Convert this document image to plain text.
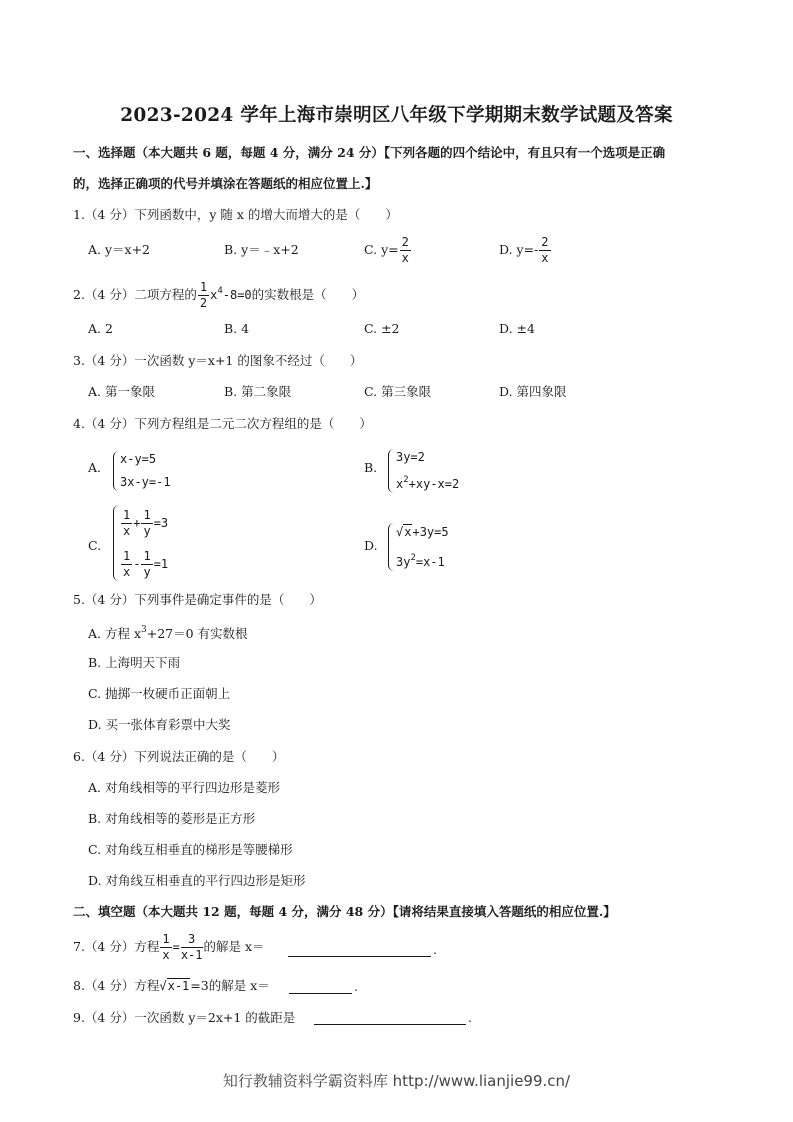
2023-2024 学年上海市崇明区八年级下学期期末数学试题及答案
一、选择题（本大题共 6 题，每题 4 分，满分 24 分）【下列各题的四个结论中，有且只有一个选项是正确
的，选择正确项的代号并填涂在答题纸的相应位置上.】
1.（4 分）下列函数中，y 随 x 的增大而增大的是（　　）
A. y＝x+2	B. y＝﹣x+2	C. $y= \frac{2}{x}$	D. $y=- \frac{2}{x}$
2.（4 分）二项方程的 $\frac{1}{2} x^4-8=0$的实数根是（　　）
A. 2	B. 4	C. ±2	D. ±4
3.（4 分）一次函数 y＝x+1 的图象不经过（　　）
A. 第一象限	B. 第二象限	C. 第三象限	D. 第四象限
4.（4 分）下列方程组是二元二次方程组的是（　　）
A.
x-y=5
3x-y=-1
B.
3y=2
$x^2+xy-x=2$
C.
$\frac{1}{x} + \frac{1}{y} =3$
$\frac{1}{x} - \frac{1}{y} =1$
D.
√x+3y=5
$3y^2=x-1$
5.（4 分）下列事件是确定事件的是（　　）
A. 方程 $x^3+27=0$ 有实数根
B. 上海明天下雨
C. 抛掷一枚硬币正面朝上
D. 买一张体育彩票中大奖
6.（4 分）下列说法正确的是（　　）
A. 对角线相等的平行四边形是菱形
B. 对角线相等的菱形是正方形
C. 对角线互相垂直的梯形是等腰梯形
D. 对角线互相垂直的平行四边形是矩形
二、填空题（本大题共 12 题，每题 4 分，满分 48 分）【请将结果直接填入答题纸的相应位置.】
7.（4 分）方程 $\frac{1}{x} = \frac{3}{x-1}$ 的解是 x＝	.
8.（4 分）方程√x-1=3的解是 x＝	.
9.（4 分）一次函数 y＝2x+1 的截距是	.
知行教辅资料学霸资料库 http://www.lianjie99.cn/
